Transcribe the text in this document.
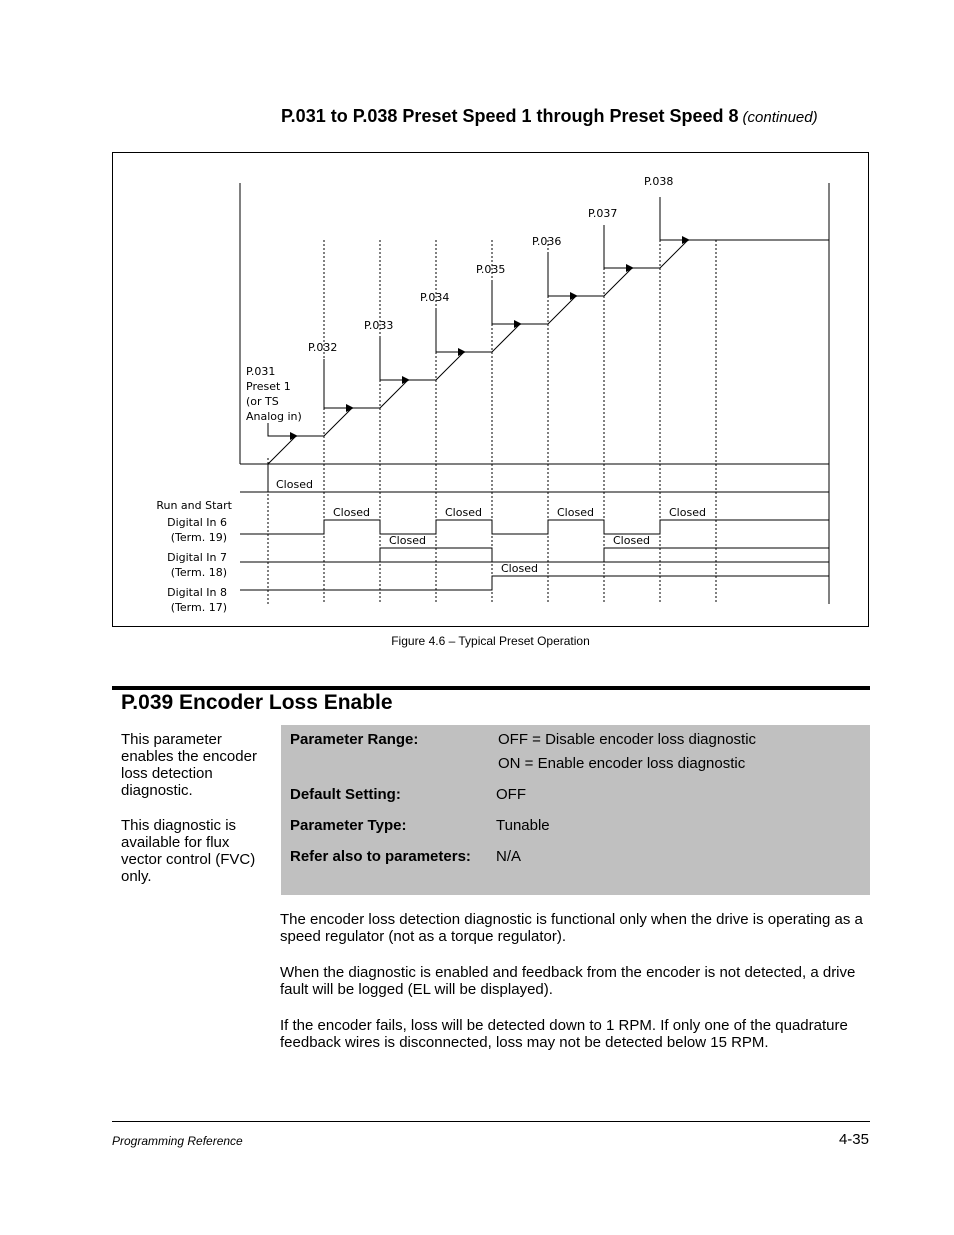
P.031 to P.038 Preset Speed 1 through Preset Speed 8 (continued)
P.031
Preset 1
(or TS
Analog in)
P.032
P.033
P.034
P.035
P.036
P.037
P.038
Run and Start
Digital In 6
(Term. 19)
Digital In 7
(Term. 18)
Digital In 8
(Term. 17)
Closed
Closed	Closed	Closed	Closed
Closed	Closed
Closed
Figure 4.6 – Typical Preset Operation
P.039 Encoder Loss Enable

This parameter enables the encoder loss detection diagnostic.

This diagnostic is available for flux vector control (FVC) only.

Parameter Range:	OFF = Disable encoder loss diagnostic
ON = Enable encoder loss diagnostic
Default Setting:	OFF
Parameter Type:	Tunable
Refer also to parameters: N/A

The encoder loss detection diagnostic is functional only when the drive is operating as a speed regulator (not as a torque regulator).

When the diagnostic is enabled and feedback from the encoder is not detected, a drive fault will be logged (EL will be displayed).

If the encoder fails, loss will be detected down to 1 RPM. If only one of the quadrature feedback wires is disconnected, loss may not be detected below 15 RPM.

Programming Reference	4-35
